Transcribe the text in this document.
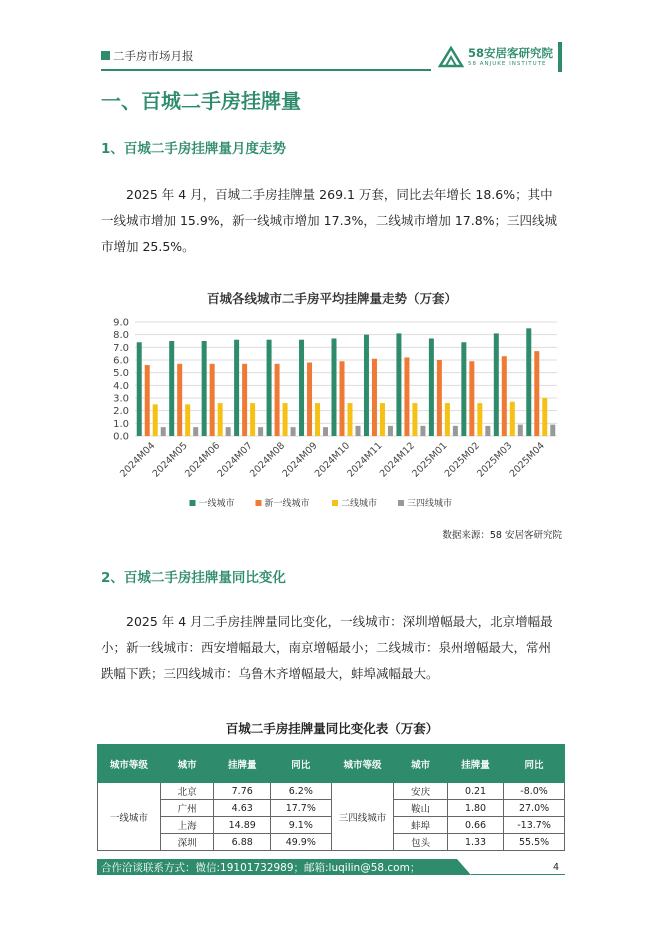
二手房市场月报	58安居客研究院
58 ANJUKE INSTITUTE
一、百城二手房挂牌量
1、百城二手房挂牌量月度走势
2025 年 4 月，百城二手房挂牌量 269.1 万套，同比去年增长 18.6%；其中一线城市增加 15.9%，新一线城市增加 17.3%，二线城市增加 17.8%；三四线城市增加 25.5%。
百城各线城市二手房平均挂牌量走势（万套）
0.0
1.0
2.0
3.0
4.0
5.0
6.0
7.0
8.0
9.0
2024M04
2024M05
2024M06
2024M07
2024M08
2024M09
2024M10
2024M11
2024M12
2025M01
2025M02
2025M03
2025M04
一线城市	新一线城市	二线城市	三四线城市
数据来源：58 安居客研究院
2、百城二手房挂牌量同比变化
2025 年 4 月二手房挂牌量同比变化，一线城市：深圳增幅最大，北京增幅最小；新一线城市：西安增幅最大，南京增幅最小；二线城市：泉州增幅最大，常州跌幅下跌；三四线城市：乌鲁木齐增幅最大，蚌埠减幅最大。
百城二手房挂牌量同比变化表（万套）
城市等级	城市	挂牌量	同比	城市等级	城市	挂牌量	同比
一线城市	北京	7.76	6.2%	三四线城市	安庆	0.21	-8.0%
	广州	4.63	17.7%		鞍山	1.80	27.0%
	上海	14.89	9.1%		蚌埠	0.66	-13.7%
	深圳	6.88	49.9%		包头	1.33	55.5%
合作洽谈联系方式：微信:19101732989；邮箱:luqilin@58.com；	4
